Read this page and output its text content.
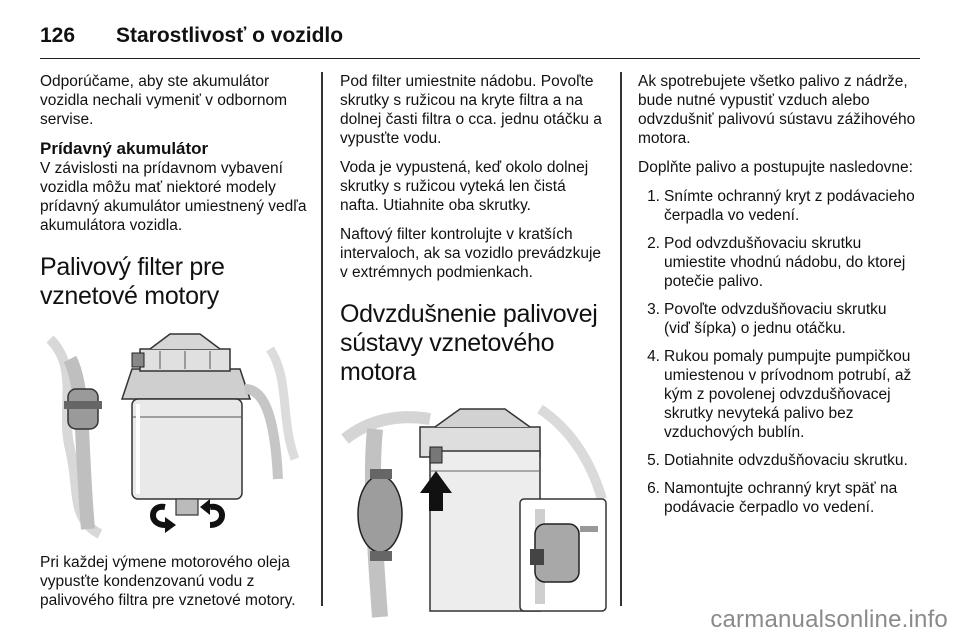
126 Starostlivosť o vozidlo

Odporúčame, aby ste akumulátor vozidla nechali vymeniť v odbornom servise.

Prídavný akumulátor

V závislosti na prídavnom vybavení vozidla môžu mať niektoré modely prídavný akumulátor umiestnený vedľa akumulátora vozidla.

Palivový filter pre vznetové motory

Pri každej výmene motorového oleja vypusťte kondenzovanú vodu z palivového filtra pre vznetové motory.

Pod filter umiestnite nádobu. Povoľte skrutky s ružicou na kryte filtra a na dolnej časti filtra o cca. jednu otáčku a vypusťte vodu.

Voda je vypustená, keď okolo dolnej skrutky s ružicou vyteká len čistá nafta. Utiahnite oba skrutky.

Naftový filter kontrolujte v kratších intervaloch, ak sa vozidlo prevádzkuje v extrémnych podmienkach.

Odvzdušnenie palivovej sústavy vznetového motora

Ak spotrebujete všetko palivo z nádrže, bude nutné vypustiť vzduch alebo odvzdušniť palivovú sústavu zážihového motora.

Doplňte palivo a postupujte nasledovne:

1. Snímte ochranný kryt z podávacieho čerpadla vo vedení.
2. Pod odvzdušňovaciu skrutku umiestite vhodnú nádobu, do ktorej potečie palivo.
3. Povoľte odvzdušňovaciu skrutku (viď šípka) o jednu otáčku.
4. Rukou pomaly pumpujte pumpičkou umiestenou v prívodnom potrubí, až kým z povolenej odvzdušňovacej skrutky nevyteká palivo bez vzduchových bublín.
5. Dotiahnite odvzdušňovaciu skrutku.
6. Namontujte ochranný kryt späť na podávacie čerpadlo vo vedení.
carmanualsonline.info
